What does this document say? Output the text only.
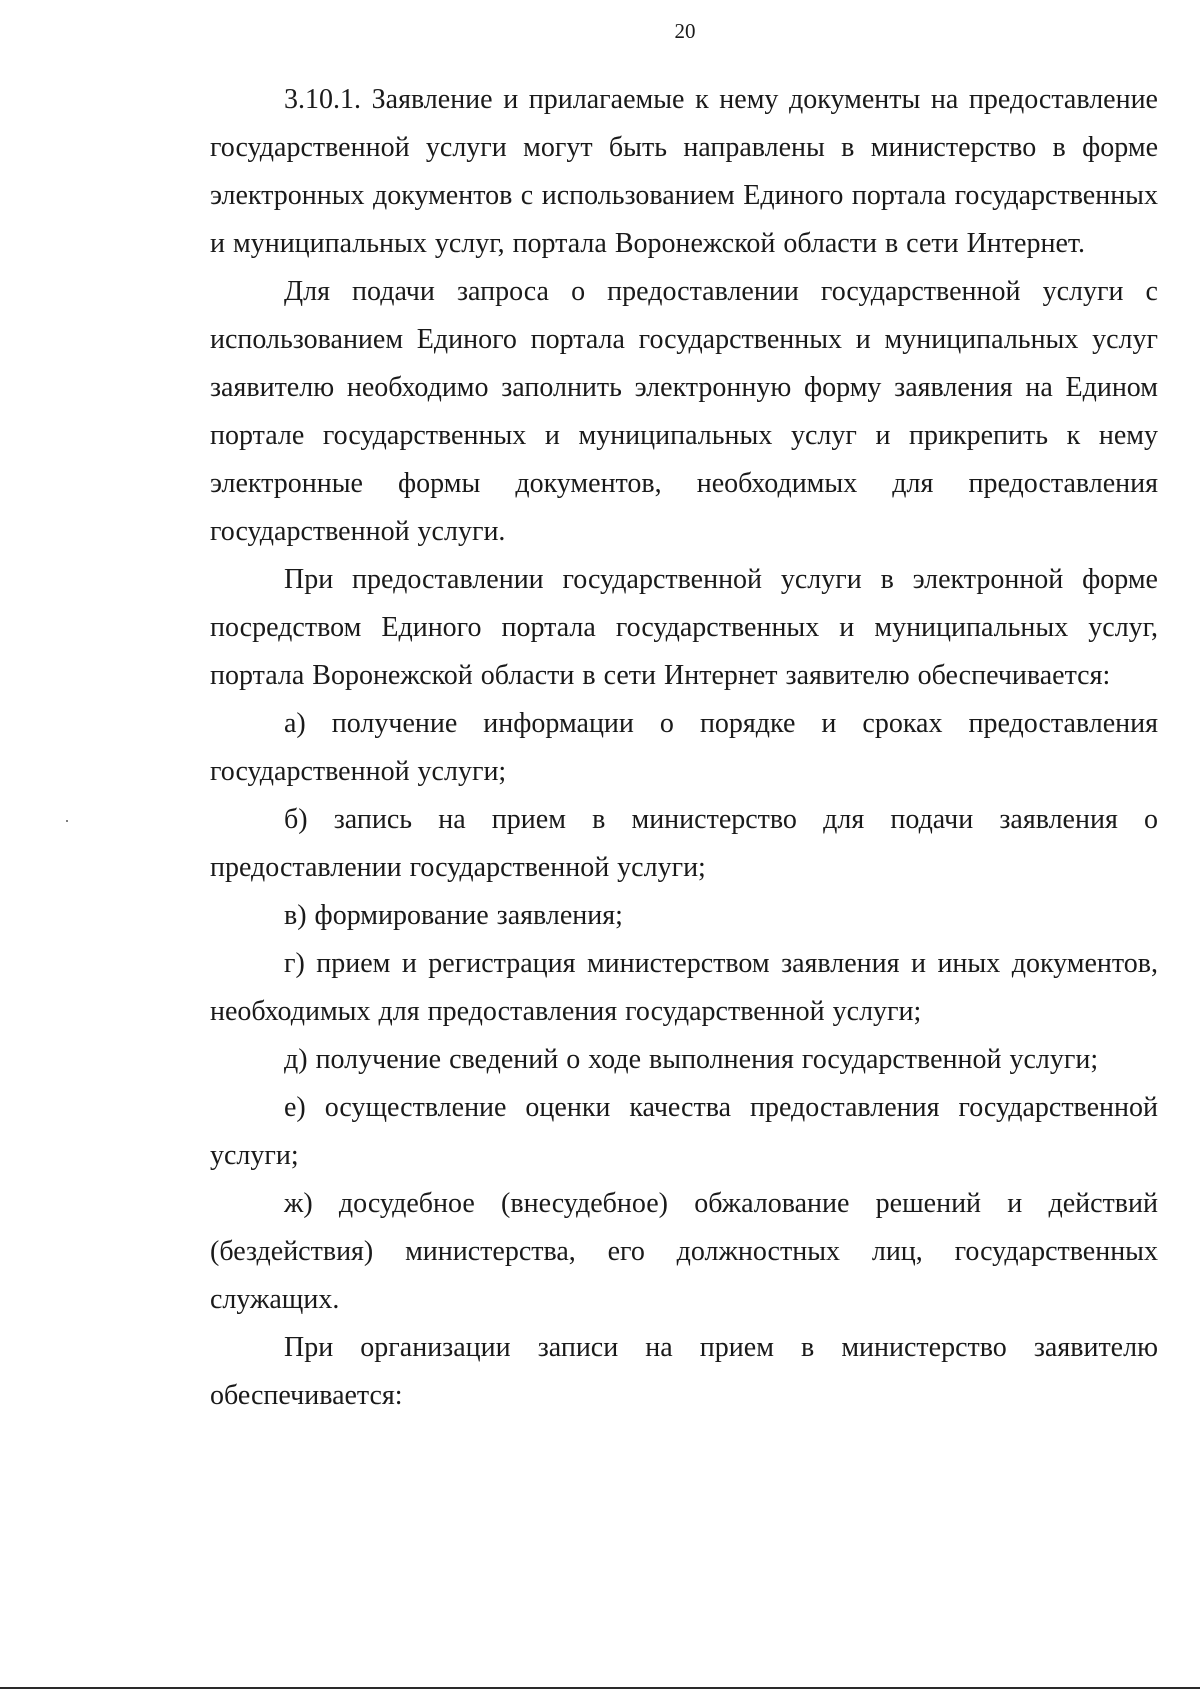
20

3.10.1. Заявление и прилагаемые к нему документы на предоставление государственной услуги могут быть направлены в министерство в форме электронных документов с использованием Единого портала государственных и муниципальных услуг, портала Воронежской области в сети Интернет.

Для подачи запроса о предоставлении государственной услуги с использованием Единого портала государственных и муниципальных услуг заявителю необходимо заполнить электронную форму заявления на Едином портале государственных и муниципальных услуг и прикрепить к нему электронные формы документов, необходимых для предоставления государственной услуги.

При предоставлении государственной услуги в электронной форме посредством Единого портала государственных и муниципальных услуг, портала Воронежской области в сети Интернет заявителю обеспечивается:

а) получение информации о порядке и сроках предоставления государственной услуги;

б) запись на прием в министерство для подачи заявления о предоставлении государственной услуги;

в) формирование заявления;

г) прием и регистрация министерством заявления и иных документов, необходимых для предоставления государственной услуги;

д) получение сведений о ходе выполнения государственной услуги;

е) осуществление оценки качества предоставления государственной услуги;

ж) досудебное (внесудебное) обжалование решений и действий (бездействия) министерства, его должностных лиц, государственных служащих.

При организации записи на прием в министерство заявителю обеспечивается:
